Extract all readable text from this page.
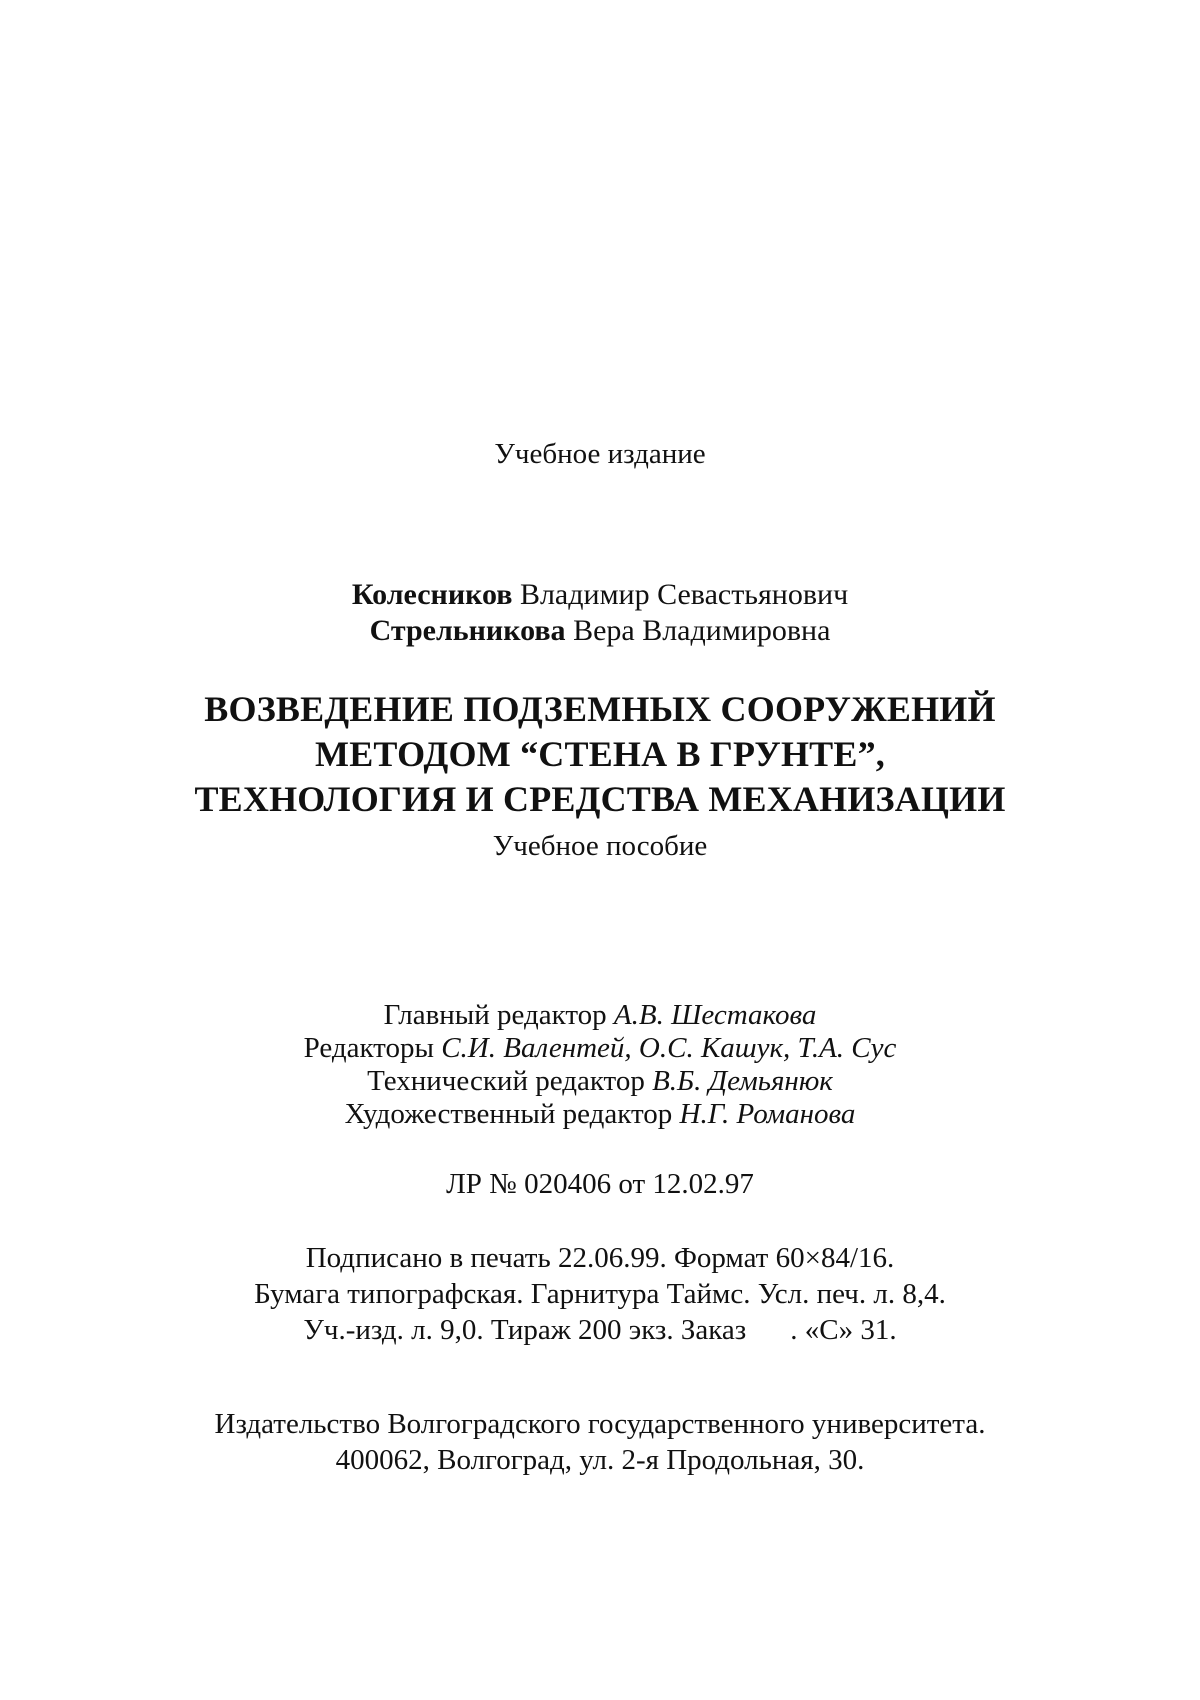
Учебное издание
Колесников Владимир Севастьянович
Стрельникова Вера Владимировна
ВОЗВЕДЕНИЕ ПОДЗЕМНЫХ СООРУЖЕНИЙ
МЕТОДОМ “СТЕНА В ГРУНТЕ”,
ТЕХНОЛОГИЯ И СРЕДСТВА МЕХАНИЗАЦИИ
Учебное пособие
Главный редактор А.В. Шестакова
Редакторы С.И. Валентей, О.С. Кашук, Т.А. Сус
Технический редактор В.Б. Демьянюк
Художественный редактор Н.Г. Романова
ЛР № 020406 от 12.02.97
Подписано в печать 22.06.99. Формат 60×84/16.
Бумага типографская. Гарнитура Таймс. Усл. печ. л. 8,4.
Уч.-изд. л. 9,0. Тираж 200 экз. Заказ . «С» 31.
Издательство Волгоградского государственного университета.
400062, Волгоград, ул. 2-я Продольная, 30.
